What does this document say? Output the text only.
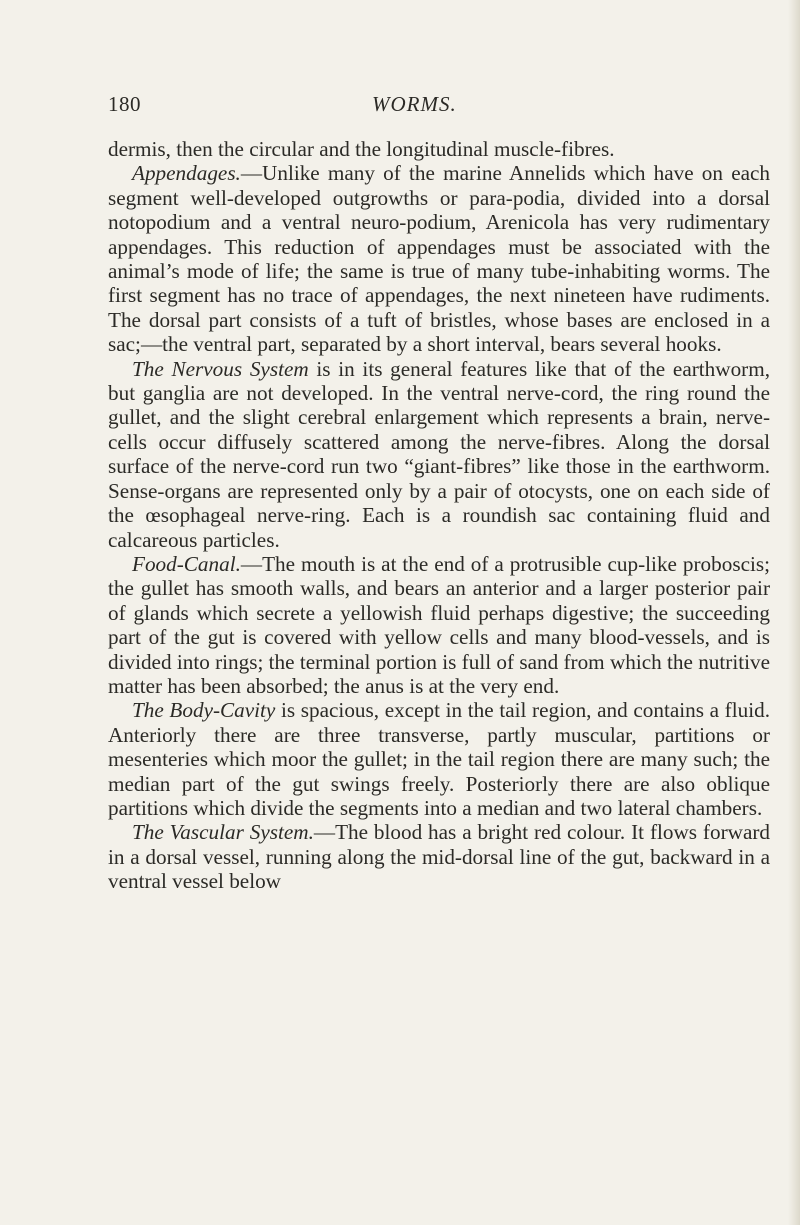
180	WORMS.

dermis, then the circular and the longitudinal muscle-fibres.

Appendages.—Unlike many of the marine Annelids which have on each segment well-developed outgrowths or para-podia, divided into a dorsal notopodium and a ventral neuro-podium, Arenicola has very rudimentary appendages. This reduction of appendages must be associated with the animal’s mode of life; the same is true of many tube-inhabiting worms. The first segment has no trace of appendages, the next nineteen have rudiments. The dorsal part consists of a tuft of bristles, whose bases are enclosed in a sac;—the ventral part, separated by a short interval, bears several hooks.

The Nervous System is in its general features like that of the earthworm, but ganglia are not developed. In the ventral nerve-cord, the ring round the gullet, and the slight cerebral enlargement which represents a brain, nerve-cells occur diffusely scattered among the nerve-fibres. Along the dorsal surface of the nerve-cord run two “giant-fibres” like those in the earthworm. Sense-organs are represented only by a pair of otocysts, one on each side of the œsophageal nerve-ring. Each is a roundish sac containing fluid and calcareous particles.

Food-Canal.—The mouth is at the end of a protrusible cup-like proboscis; the gullet has smooth walls, and bears an anterior and a larger posterior pair of glands which secrete a yellowish fluid perhaps digestive; the succeeding part of the gut is covered with yellow cells and many blood-vessels, and is divided into rings; the terminal portion is full of sand from which the nutritive matter has been absorbed; the anus is at the very end.

The Body-Cavity is spacious, except in the tail region, and contains a fluid. Anteriorly there are three transverse, partly muscular, partitions or mesenteries which moor the gullet; in the tail region there are many such; the median part of the gut swings freely. Posteriorly there are also oblique partitions which divide the segments into a median and two lateral chambers.

The Vascular System.—The blood has a bright red colour. It flows forward in a dorsal vessel, running along the mid-dorsal line of the gut, backward in a ventral vessel below
